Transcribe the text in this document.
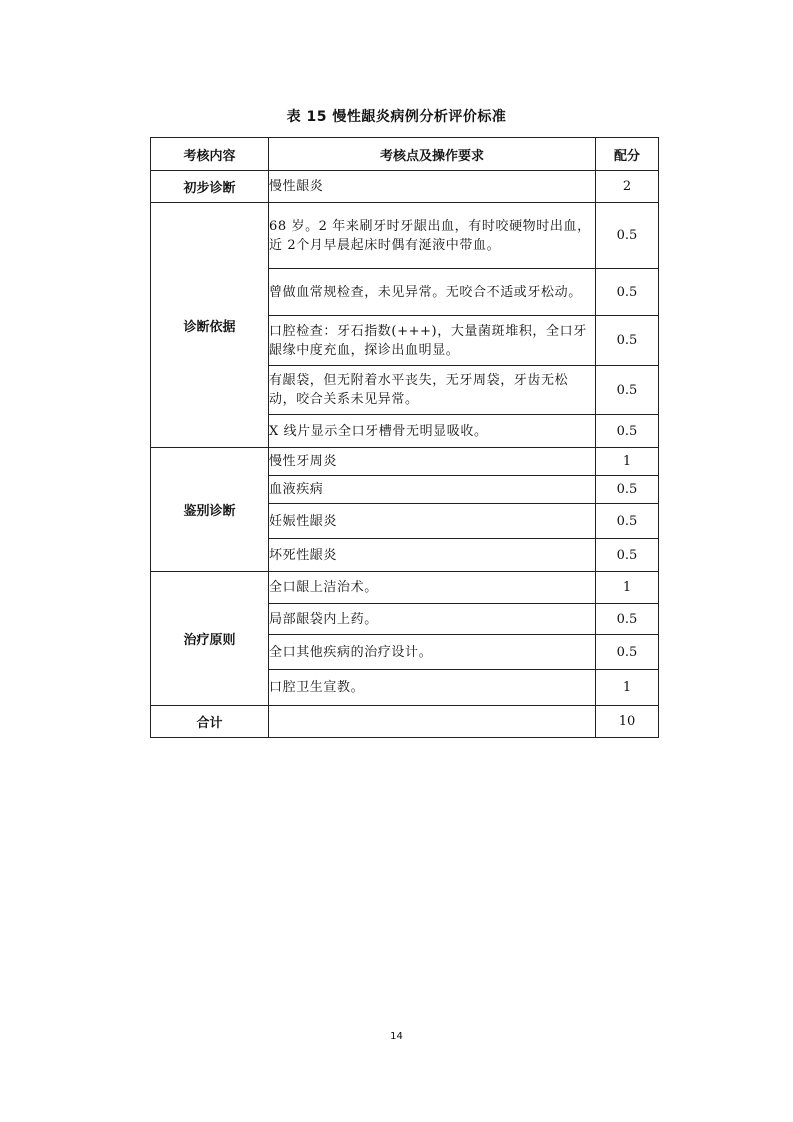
表 15 慢性龈炎病例分析评价标准
考核内容	考核点及操作要求	配分
初步诊断	慢性龈炎	2
诊断依据	68 岁。2 年来刷牙时牙龈出血，有时咬硬物时出血，近 2个月早晨起床时偶有涎液中带血。	0.5
	曾做血常规检查，未见异常。无咬合不适或牙松动。	0.5
	口腔检查：牙石指数(+++)，大量菌斑堆积，全口牙龈缘中度充血，探诊出血明显。	0.5
	有龈袋，但无附着水平丧失，无牙周袋，牙齿无松动，咬合关系未见异常。	0.5
	X 线片显示全口牙槽骨无明显吸收。	0.5
鉴别诊断	慢性牙周炎	1
	血液疾病	0.5
	妊娠性龈炎	0.5
	坏死性龈炎	0.5
治疗原则	全口龈上洁治术。	1
	局部龈袋内上药。	0.5
	全口其他疾病的治疗设计。	0.5
	口腔卫生宣教。	1
合计		10
14
